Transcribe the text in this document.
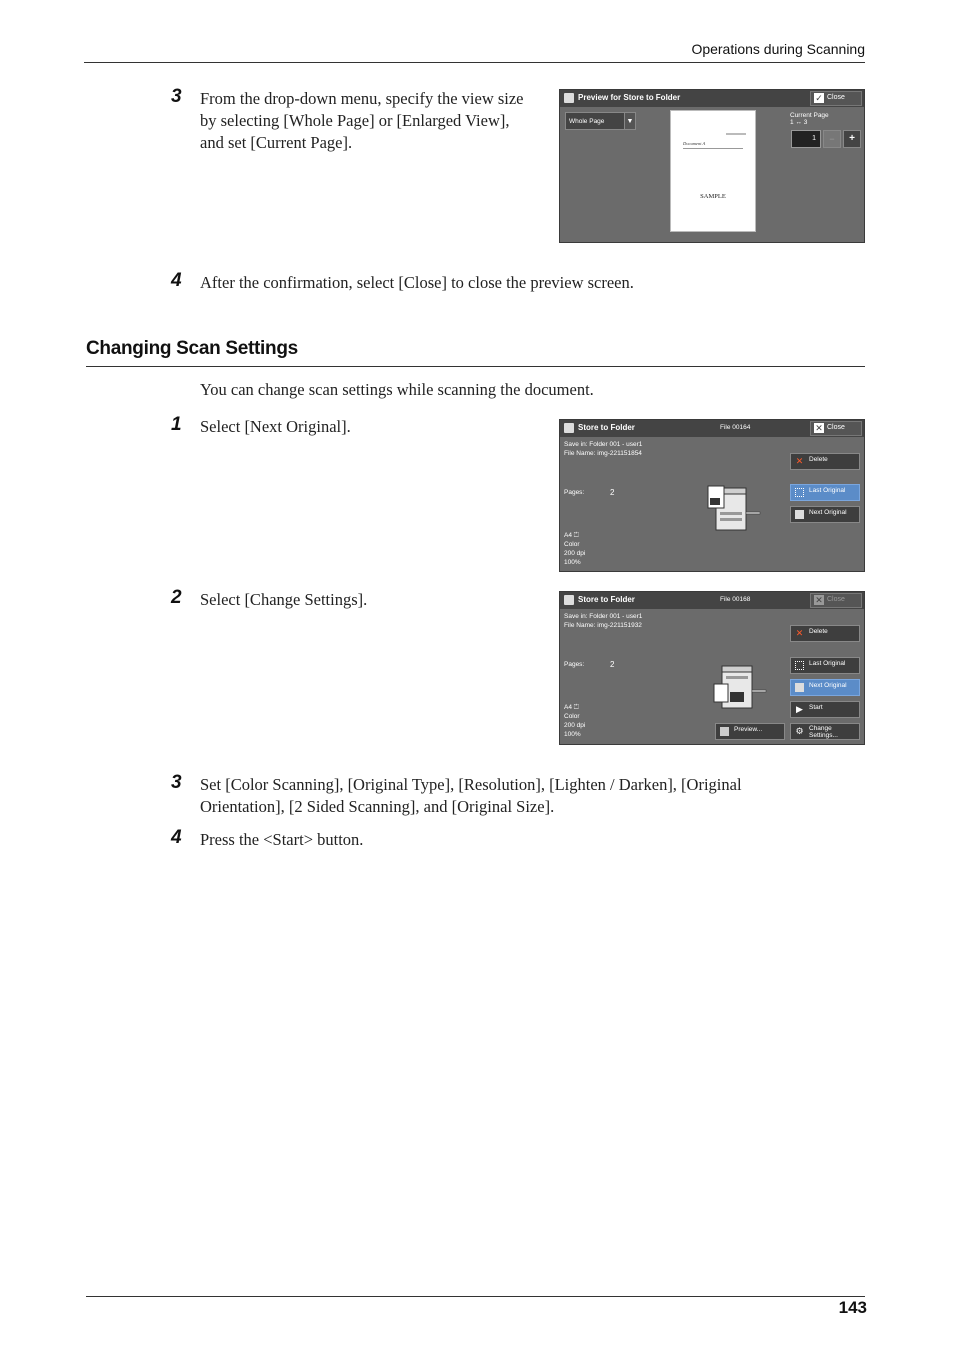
Operations during Scanning
3 From the drop-down menu, specify the view size by selecting [Whole Page] or [Enlarged View], and set [Current Page].
Preview for Store to Folder	✓ Close
Whole Page	▼
Document A
SAMPLE
Current Page
1 ↔ 3
1	−	+
4 After the confirmation, select [Close] to close the preview screen.
Changing Scan Settings
You can change scan settings while scanning the document.
1 Select [Next Original].	Store to Folder	File 00164	✕ Close
Save in: Folder 001 - user1
File Name: img-221151854
Pages:	2
A4 ⏍
Color
200 dpi
100%
✕ Delete
Last Original
Next Original
2 Select [Change Settings].	Store to Folder	File 00168	✕ Close
Save in: Folder 001 - user1
File Name: img-221151932
Pages:	2
A4 ⏍
Color
200 dpi
100%
✕ Delete
Last Original
Next Original
▶ Start
Preview...	⚙ Change
Settings...
3 Set [Color Scanning], [Original Type], [Resolution], [Lighten / Darken], [Original Orientation], [2 Sided Scanning], and [Original Size].
4 Press the <Start> button.
143
